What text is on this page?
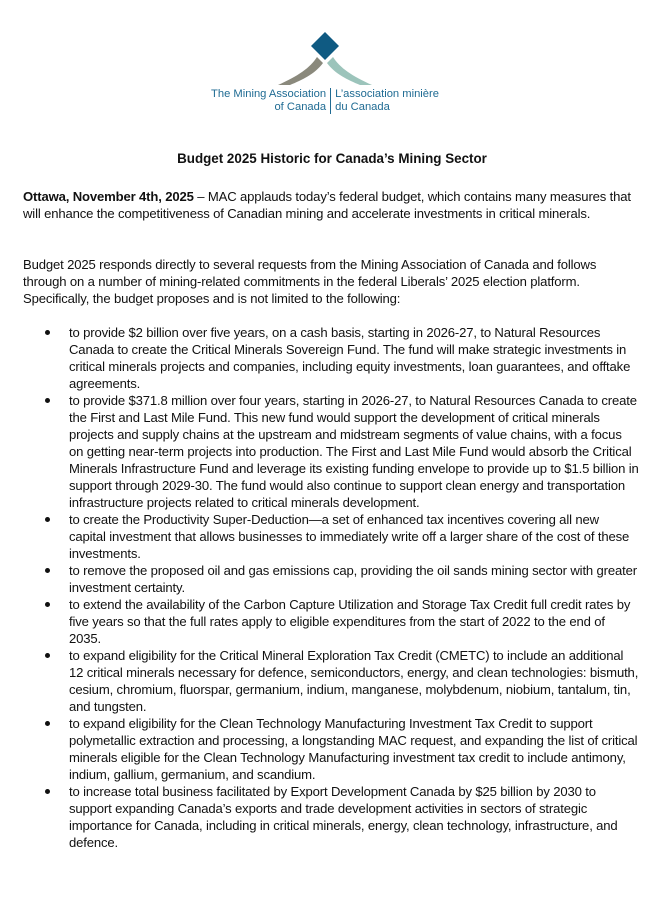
The Mining Association
of Canada
L’association minière
du Canada
Budget 2025 Historic for Canada’s Mining Sector
Ottawa, November 4th, 2025 – MAC applauds today’s federal budget, which contains many measures that will enhance the competitiveness of Canadian mining and accelerate investments in critical minerals.
Budget 2025 responds directly to several requests from the Mining Association of Canada and follows through on a number of mining-related commitments in the federal Liberals’ 2025 election platform. Specifically, the budget proposes and is not limited to the following:
to provide $2 billion over five years, on a cash basis, starting in 2026-27, to Natural Resources Canada to create the Critical Minerals Sovereign Fund. The fund will make strategic investments in critical minerals projects and companies, including equity investments, loan guarantees, and offtake agreements.
to provide $371.8 million over four years, starting in 2026-27, to Natural Resources Canada to create the First and Last Mile Fund. This new fund would support the development of critical minerals projects and supply chains at the upstream and midstream segments of value chains, with a focus on getting near-term projects into production. The First and Last Mile Fund would absorb the Critical Minerals Infrastructure Fund and leverage its existing funding envelope to provide up to $1.5 billion in support through 2029-30. The fund would also continue to support clean energy and transportation infrastructure projects related to critical minerals development.
to create the Productivity Super-Deduction—a set of enhanced tax incentives covering all new capital investment that allows businesses to immediately write off a larger share of the cost of these investments.
to remove the proposed oil and gas emissions cap, providing the oil sands mining sector with greater investment certainty.
to extend the availability of the Carbon Capture Utilization and Storage Tax Credit full credit rates by five years so that the full rates apply to eligible expenditures from the start of 2022 to the end of 2035.
to expand eligibility for the Critical Mineral Exploration Tax Credit (CMETC) to include an additional 12 critical minerals necessary for defence, semiconductors, energy, and clean technologies: bismuth, cesium, chromium, fluorspar, germanium, indium, manganese, molybdenum, niobium, tantalum, tin, and tungsten.
to expand eligibility for the Clean Technology Manufacturing Investment Tax Credit to support polymetallic extraction and processing, a longstanding MAC request, and expanding the list of critical minerals eligible for the Clean Technology Manufacturing investment tax credit to include antimony, indium, gallium, germanium, and scandium.
to increase total business facilitated by Export Development Canada by $25 billion by 2030 to support expanding Canada’s exports and trade development activities in sectors of strategic importance for Canada, including in critical minerals, energy, clean technology, infrastructure, and defence.
